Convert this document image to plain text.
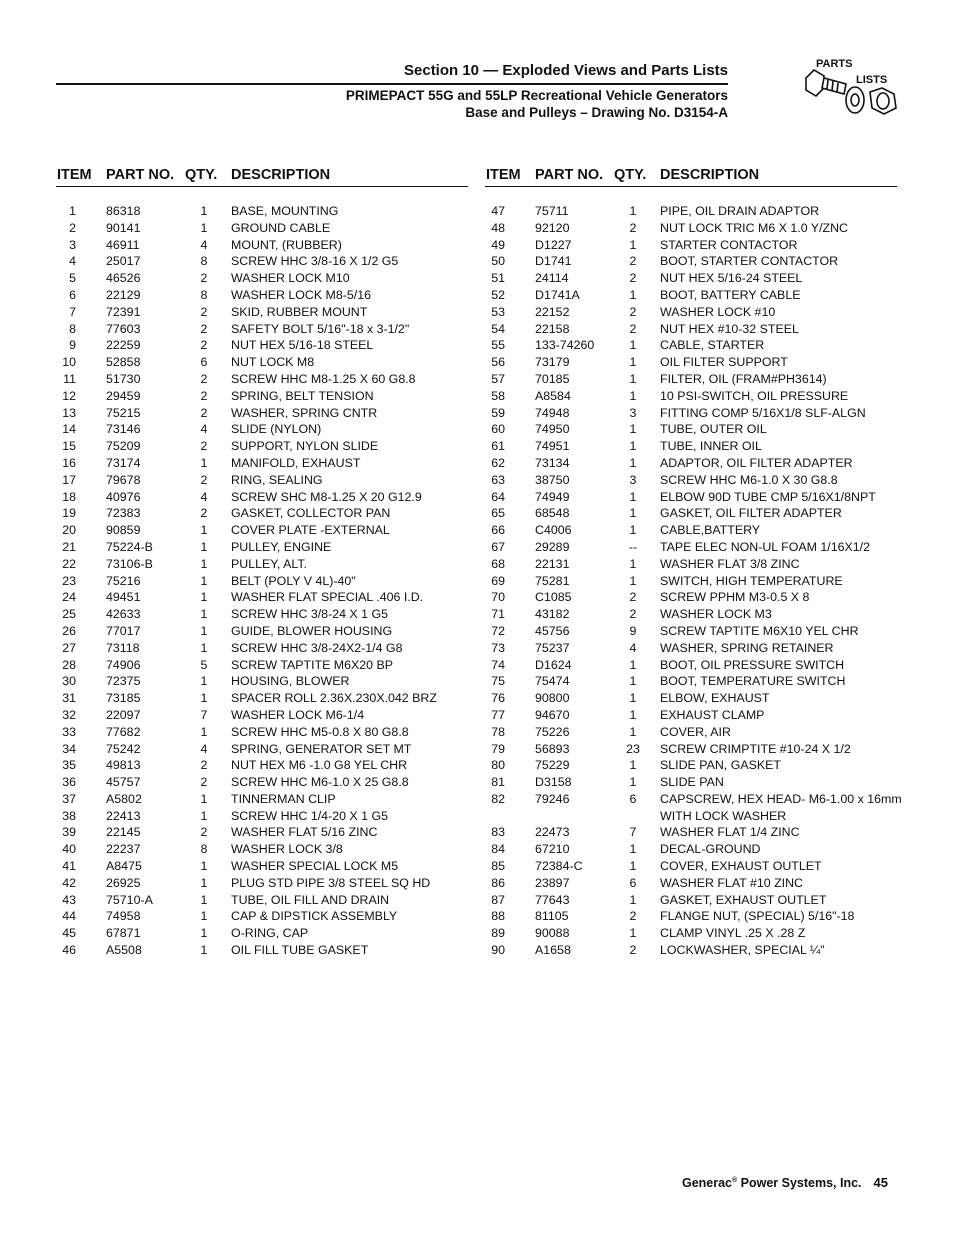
Section 10 — Exploded Views and Parts Lists
PRIMEPACT 55G and 55LP Recreational Vehicle Generators
Base and Pulleys – Drawing No. D3154-A
PARTS
LISTS
ITEM PART NO. QTY. DESCRIPTION
1 86318	1	BASE, MOUNTING
2 90141	1	GROUND CABLE
3 46911	4	MOUNT, (RUBBER)
4 25017	8	SCREW HHC 3/8-16 X 1/2 G5
5 46526	2	WASHER LOCK M10
6 22129	8	WASHER LOCK M8-5/16
7 72391	2	SKID, RUBBER MOUNT
8 77603	2	SAFETY BOLT 5/16"-18 x 3-1/2"
9 22259	2	NUT HEX 5/16-18 STEEL
10 52858	6	NUT LOCK M8
11 51730	2	SCREW HHC M8-1.25 X 60 G8.8
12 29459	2	SPRING, BELT TENSION
13 75215	2	WASHER, SPRING CNTR
14 73146	4	SLIDE (NYLON)
15 75209	2	SUPPORT, NYLON SLIDE
16 73174	1	MANIFOLD, EXHAUST
17 79678	2	RING, SEALING
18 40976	4	SCREW SHC M8-1.25 X 20 G12.9
19 72383	2	GASKET, COLLECTOR PAN
20 90859	1	COVER PLATE -EXTERNAL
21 75224-B	1	PULLEY, ENGINE
22 73106-B	1	PULLEY, ALT.
23 75216	1	BELT (POLY V 4L)-40"
24 49451	1	WASHER FLAT SPECIAL .406 I.D.
25 42633	1	SCREW HHC 3/8-24 X 1 G5
26 77017	1	GUIDE, BLOWER HOUSING
27 73118	1	SCREW HHC 3/8-24X2-1/4 G8
28 74906	5	SCREW TAPTITE M6X20 BP
30 72375	1	HOUSING, BLOWER
31 73185	1	SPACER ROLL 2.36X.230X.042 BRZ
32 22097	7	WASHER LOCK M6-1/4
33 77682	1	SCREW HHC M5-0.8 X 80 G8.8
34 75242	4	SPRING, GENERATOR SET MT
35 49813	2	NUT HEX M6 -1.0 G8 YEL CHR
36 45757	2	SCREW HHC M6-1.0 X 25 G8.8
37 A5802	1	TINNERMAN CLIP
38 22413	1	SCREW HHC 1/4-20 X 1 G5
39 22145	2	WASHER FLAT 5/16 ZINC
40 22237	8	WASHER LOCK 3/8
41 A8475	1	WASHER SPECIAL LOCK M5
42 26925	1	PLUG STD PIPE 3/8 STEEL SQ HD
43 75710-A	1	TUBE, OIL FILL AND DRAIN
44 74958	1	CAP & DIPSTICK ASSEMBLY
45 67871	1	O-RING, CAP
46 A5508	1	OIL FILL TUBE GASKET
ITEM PART NO. QTY. DESCRIPTION
47 75711	1	PIPE, OIL DRAIN ADAPTOR
48 92120	2	NUT LOCK TRIC M6 X 1.0 Y/ZNC
49 D1227	1	STARTER CONTACTOR
50 D1741	2	BOOT, STARTER CONTACTOR
51 24114	2	NUT HEX 5/16-24 STEEL
52 D1741A	1	BOOT, BATTERY CABLE
53 22152	2	WASHER LOCK #10
54 22158	2	NUT HEX #10-32 STEEL
55 133-74260	1	CABLE, STARTER
56 73179	1	OIL FILTER SUPPORT
57 70185	1	FILTER, OIL (FRAM#PH3614)
58 A8584	1	10 PSI-SWITCH, OIL PRESSURE
59 74948	3	FITTING COMP 5/16X1/8 SLF-ALGN
60 74950	1	TUBE, OUTER OIL
61 74951	1	TUBE, INNER OIL
62 73134	1	ADAPTOR, OIL FILTER ADAPTER
63 38750	3	SCREW HHC M6-1.0 X 30 G8.8
64 74949	1	ELBOW 90D TUBE CMP 5/16X1/8NPT
65 68548	1	GASKET, OIL FILTER ADAPTER
66 C4006	1	CABLE,BATTERY
67 29289	--	TAPE ELEC NON-UL FOAM 1/16X1/2
68 22131	1	WASHER FLAT 3/8 ZINC
69 75281	1	SWITCH, HIGH TEMPERATURE
70 C1085	2	SCREW PPHM M3-0.5 X 8
71 43182	2	WASHER LOCK M3
72 45756	9	SCREW TAPTITE M6X10 YEL CHR
73 75237	4	WASHER, SPRING RETAINER
74 D1624	1	BOOT, OIL PRESSURE SWITCH
75 75474	1	BOOT, TEMPERATURE SWITCH
76 90800	1	ELBOW, EXHAUST
77 94670	1	EXHAUST CLAMP
78 75226	1	COVER, AIR
79 56893	23 SCREW CRIMPTITE #10-24 X 1/2
80 75229	1	SLIDE PAN, GASKET
81 D3158	1	SLIDE PAN
82 79246	6	CAPSCREW, HEX HEAD- M6-1.00 x 16mm
WITH LOCK WASHER
83 22473	7	WASHER FLAT 1/4 ZINC
84 67210	1	DECAL-GROUND
85 72384-C	1	COVER, EXHAUST OUTLET
86 23897	6	WASHER FLAT #10 ZINC
87 77643	1	GASKET, EXHAUST OUTLET
88 81105	2	FLANGE NUT, (SPECIAL) 5/16"-18
89 90088	1	CLAMP VINYL .25 X .28 Z
90 A1658	2	LOCKWASHER, SPECIAL ¼"
Generac® Power Systems, Inc. 45
